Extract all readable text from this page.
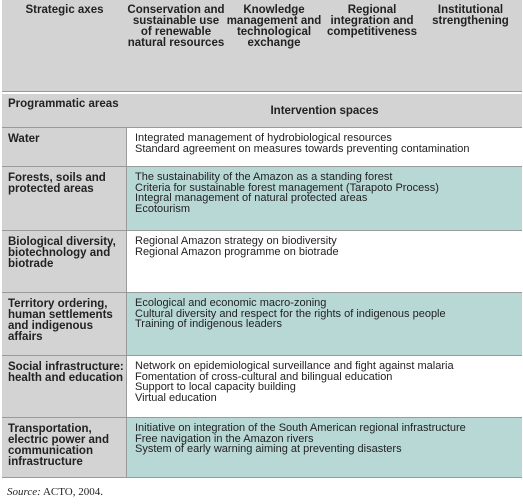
Strategic axes	Conservation and sustainable use of renewable natural resources
Knowledge management and technological exchange
Regional integration and competitiveness
Institutional strengthening
Programmatic areas
Intervention spaces
Water	Integrated management of hydrobiological resources
Standard agreement on measures towards preventing contamination
Forests, soils and protected areas
The sustainability of the Amazon as a standing forest
Criteria for sustainable forest management (Tarapoto Process)
Integral management of natural protected areas
Ecotourism
Biological diversity, biotechnology and biotrade
Regional Amazon strategy on biodiversity
Regional Amazon programme on biotrade
Territory ordering, human settlements and indigenous affairs
Ecological and economic macro-zoning
Cultural diversity and respect for the rights of indigenous people
Training of indigenous leaders
Social infrastructure: health and education
Network on epidemiological surveillance and fight against malaria
Fomentation of cross-cultural and bilingual education
Support to local capacity building
Virtual education
Transportation, electric power and communication infrastructure
Initiative on integration of the South American regional infrastructure
Free navigation in the Amazon rivers
System of early warning aiming at preventing disasters
Source: ACTO, 2004.
